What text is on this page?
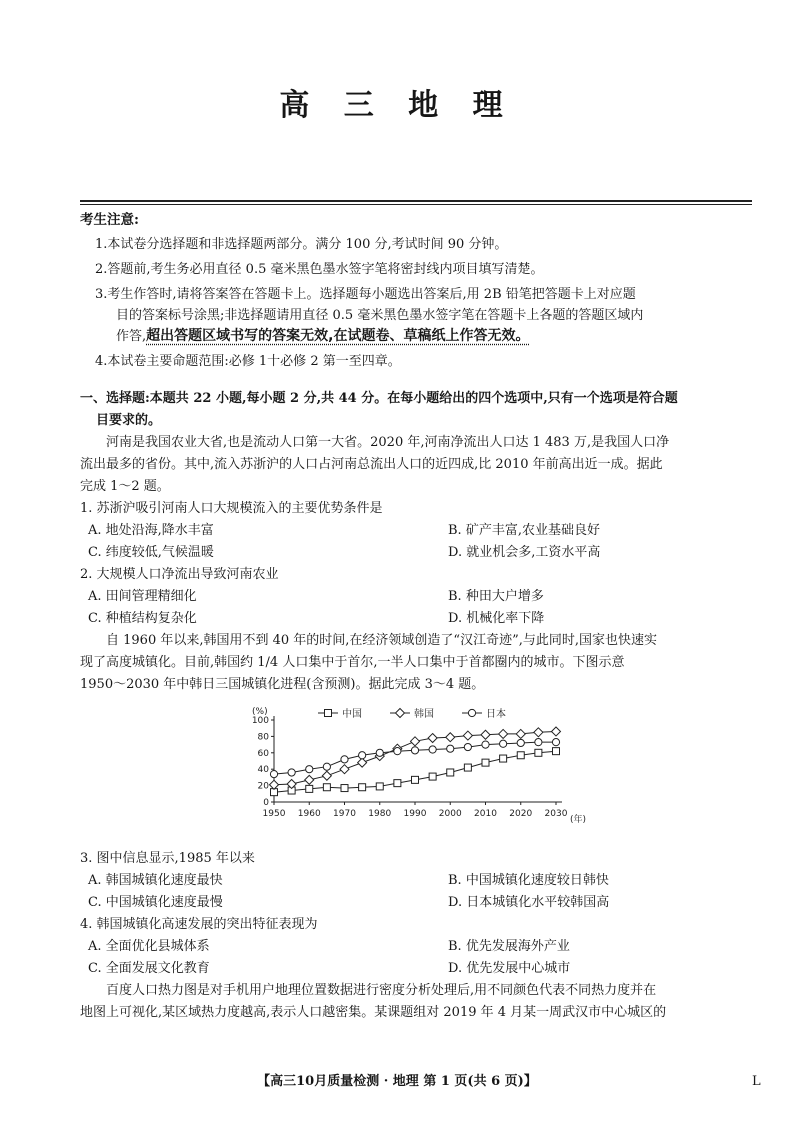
高 三 地 理
考生注意:

1.本试卷分选择题和非选择题两部分。满分 100 分,考试时间 90 分钟。

2.答题前,考生务必用直径 0.5 毫米黑色墨水签字笔将密封线内项目填写清楚。

3.考生作答时,请将答案答在答题卡上。选择题每小题选出答案后,用 2B 铅笔把答题卡上对应题

目的答案标号涂黑;非选择题请用直径 0.5 毫米黑色墨水签字笔在答题卡上各题的答题区域内

作答,超出答题区域书写的答案无效,在试题卷、草稿纸上作答无效。

4.本试卷主要命题范围:必修 1十必修 2 第一至四章。

一、选择题:本题共 22 小题,每小题 2 分,共 44 分。在每小题给出的四个选项中,只有一个选项是符合题
目要求的。

河南是我国农业大省,也是流动人口第一大省。2020 年,河南净流出人口达 1 483 万,是我国人口净

流出最多的省份。其中,流入苏浙沪的人口占河南总流出人口的近四成,比 2010 年前高出近一成。据此

完成 1～2 题。

1. 苏浙沪吸引河南人口大规模流入的主要优势条件是

A. 地处沿海,降水丰富	B. 矿产丰富,农业基础良好
C. 纬度较低,气候温暖	D. 就业机会多,工资水平高

2. 大规模人口净流出导致河南农业

A. 田间管理精细化	B. 种田大户增多
C. 种植结构复杂化	D. 机械化率下降

自 1960 年以来,韩国用不到 40 年的时间,在经济领域创造了“汉江奇迹”,与此同时,国家也快速实

现了高度城镇化。目前,韩国约 1/4 人口集中于首尔,一半人口集中于首都圈内的城市。下图示意

1950～2030 年中韩日三国城镇化进程(含预测)。据此完成 3～4 题。

(%)
(年)
0
20
40
60
80
100
1950 1960 1970 1980 1990 2000 2010 2020 2030
中国	韩国	日本

3. 图中信息显示,1985 年以来

A. 韩国城镇化速度最快	B. 中国城镇化速度较日韩快
C. 中国城镇化速度最慢	D. 日本城镇化水平较韩国高

4. 韩国城镇化高速发展的突出特征表现为

A. 全面优化县城体系	B. 优先发展海外产业
C. 全面发展文化教育	D. 优先发展中心城市

百度人口热力图是对手机用户地理位置数据进行密度分析处理后,用不同颜色代表不同热力度并在

地图上可视化,某区域热力度越高,表示人口越密集。某课题组对 2019 年 4 月某一周武汉市中心城区的

【高三10月质量检测 · 地理 第 1 页(共 6 页)】	L
